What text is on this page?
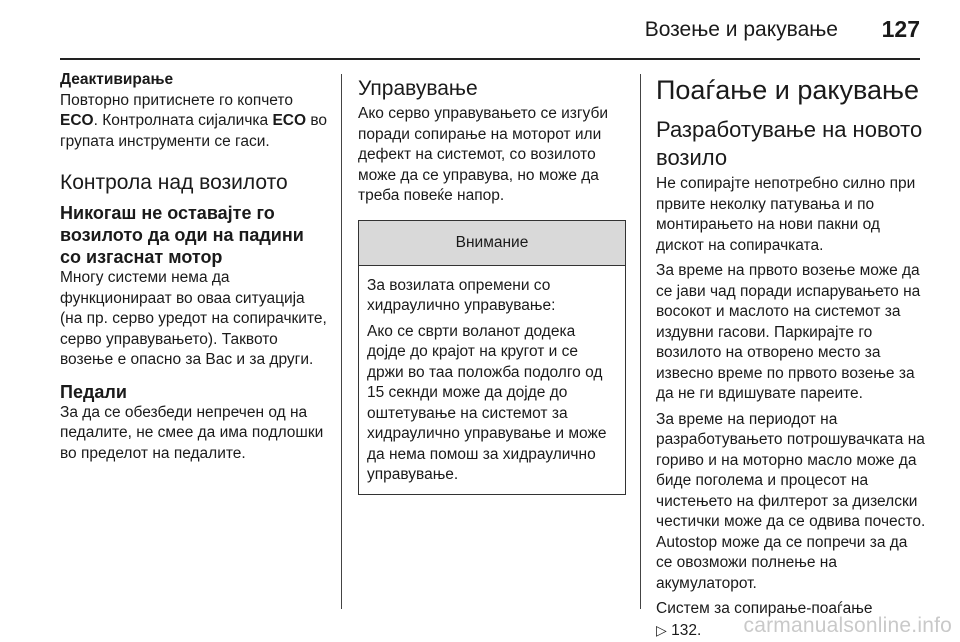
Возење и ракување 127
Деактивирање

Повторно притиснете го копчето ECO. Контролната сијаличка ECO во групата инструменти се гаси.

Контрола над возилото
Никогаш не оставајте го возилото да оди на падини со изгаснат мотор

Многу системи нема да функционираат во оваа ситуација (на пр. серво уредот на сопирачките, серво управувањето). Таквото возење е опасно за Вас и за други.

Педали

За да се обезбеди непречен од на педалите, не смее да има подлошки во пределот на педалите.

Управување

Ако серво управувањето се изгуби поради сопирање на моторот или дефект на системот, со возилото може да се управува, но може да треба повеќе напор.

Внимание

За возилата опремени со хидраулично управување:

Ако се сврти воланот додека дојде до крајот на кругот и се држи во таа положба подолго од 15 секнди може да дојде до оштетување на системот за хидраулично управување и може да нема помош за хидраулично управување.

Поаѓање и ракување
Разработување на новото возило

Не сопирајте непотребно силно при првите неколку патувања и по монтирањето на нови пакни од дискот на сопирачката.

За време на првото возење може да се јави чад поради испарувањето на восокот и маслото на системот за издувни гасови. Паркирајте го возилото на отворено место за извесно време по првото возење за да не ги вдишувате пареите.

За време на периодот на разработувањето потрошувачката на гориво и на моторно масло може да биде поголема и процесот на чистењето на филтерот за дизелски честички може да се одвива почесто. Autostop може да се попречи за да се овозможи полнење на акумулаторот.

Систем за сопирање-поаѓање
▷ 132.	carmanualsonline.info
